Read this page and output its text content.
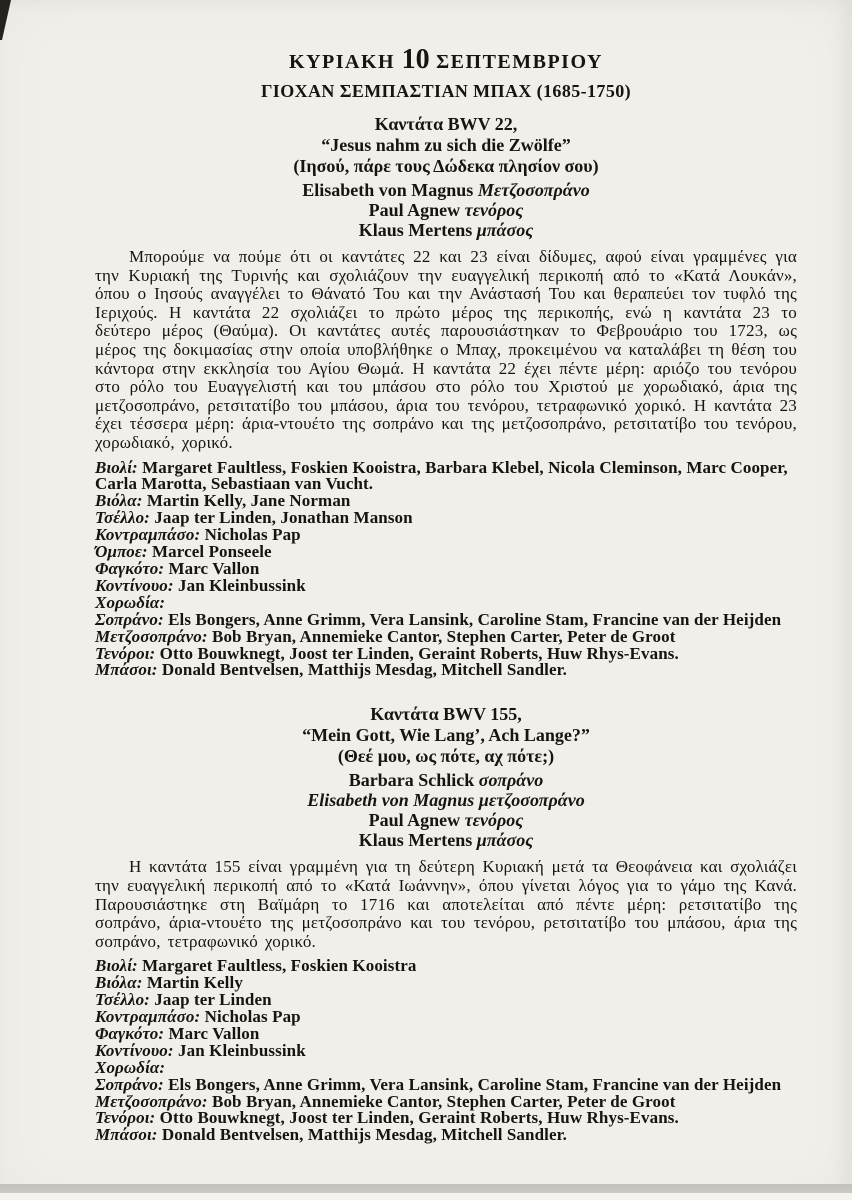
ΚΥΡΙΑΚΗ 10 ΣΕΠΤΕΜΒΡΙΟΥ
ΓΙΟΧΑΝ ΣΕΜΠΑΣΤΙΑΝ ΜΠΑΧ (1685-1750)
Καντάτα BWV 22,
“Jesus nahm zu sich die Zwölfe”
(Ιησού, πάρε τους Δώδεκα πλησίον σου)
Elisabeth von Magnus Μετζοσοπράνο
Paul Agnew τενόρος
Klaus Mertens μπάσος
Μπορούμε να πούμε ότι οι καντάτες 22 και 23 είναι δίδυμες, αφού είναι γραμμένες για την Κυριακή της Τυρινής και σχολιάζουν την ευαγγελική περικοπή από το «Κατά Λουκάν», όπου ο Ιησούς αναγγέλει το Θάνατό Του και την Ανάστασή Του και θεραπεύει τον τυφλό της Ιεριχούς. Η καντάτα 22 σχολιάζει το πρώτο μέρος της περικοπής, ενώ η καντάτα 23 το δεύτερο μέρος (Θαύμα). Οι καντάτες αυτές παρουσιάστηκαν το Φεβρουάριο του 1723, ως μέρος της δοκιμασίας στην οποία υποβλήθηκε ο Μπαχ, προκειμένου να καταλάβει τη θέση του κάντορα στην εκκλησία του Αγίου Θωμά. Η καντάτα 22 έχει πέντε μέρη: αριόζο του τενόρου στο ρόλο του Ευαγγελιστή και του μπάσου στο ρόλο του Χριστού με χορωδιακό, άρια της μετζοσοπράνο, ρετσιτατίβο του μπάσου, άρια του τενόρου, τετραφωνικό χορικό. Η καντάτα 23 έχει τέσσερα μέρη: άρια-ντουέτο της σοπράνο και της μετζοσοπράνο, ρετσιτατίβο του τενόρου, χορωδιακό, χορικό.
Βιολί: Margaret Faultless, Foskien Kooistra, Barbara Klebel, Nicola Cleminson, Marc Cooper, Carla Marotta, Sebastiaan van Vucht.
Βιόλα: Martin Kelly, Jane Norman
Τσέλλο: Jaap ter Linden, Jonathan Manson
Κοντραμπάσο: Nicholas Pap
Όμποε: Marcel Ponseele
Φαγκότο: Marc Vallon
Κοντίνουο: Jan Kleinbussink
Χορωδία:
Σοπράνο: Els Bongers, Anne Grimm, Vera Lansink, Caroline Stam, Francine van der Heijden
Μετζοσοπράνο: Bob Bryan, Annemieke Cantor, Stephen Carter, Peter de Groot
Τενόροι: Otto Bouwknegt, Joost ter Linden, Geraint Roberts, Huw Rhys-Evans.
Μπάσοι: Donald Bentvelsen, Matthijs Mesdag, Mitchell Sandler.
Καντάτα BWV 155,
“Mein Gott, Wie Lang’, Ach Lange?”
(Θεέ μου, ως πότε, αχ πότε;)
Barbara Schlick σοπράνο
Elisabeth von Magnus μετζοσοπράνο
Paul Agnew τενόρος
Klaus Mertens μπάσος
Η καντάτα 155 είναι γραμμένη για τη δεύτερη Κυριακή μετά τα Θεοφάνεια και σχολιάζει την ευαγγελική περικοπή από το «Κατά Ιωάννην», όπου γίνεται λόγος για το γάμο της Κανά. Παρουσιάστηκε στη Βαϊμάρη το 1716 και αποτελείται από πέντε μέρη: ρετσιτατίβο της σοπράνο, άρια-ντουέτο της μετζοσοπράνο και του τενόρου, ρετσιτατίβο του μπάσου, άρια της σοπράνο, τετραφωνικό χορικό.
Βιολί: Margaret Faultless, Foskien Kooistra
Βιόλα: Martin Kelly
Τσέλλο: Jaap ter Linden
Κοντραμπάσο: Nicholas Pap
Φαγκότο: Marc Vallon
Κοντίνουο: Jan Kleinbussink
Χορωδία:
Σοπράνο: Els Bongers, Anne Grimm, Vera Lansink, Caroline Stam, Francine van der Heijden
Μετζοσοπράνο: Bob Bryan, Annemieke Cantor, Stephen Carter, Peter de Groot
Τενόροι: Otto Bouwknegt, Joost ter Linden, Geraint Roberts, Huw Rhys-Evans.
Μπάσοι: Donald Bentvelsen, Matthijs Mesdag, Mitchell Sandler.
